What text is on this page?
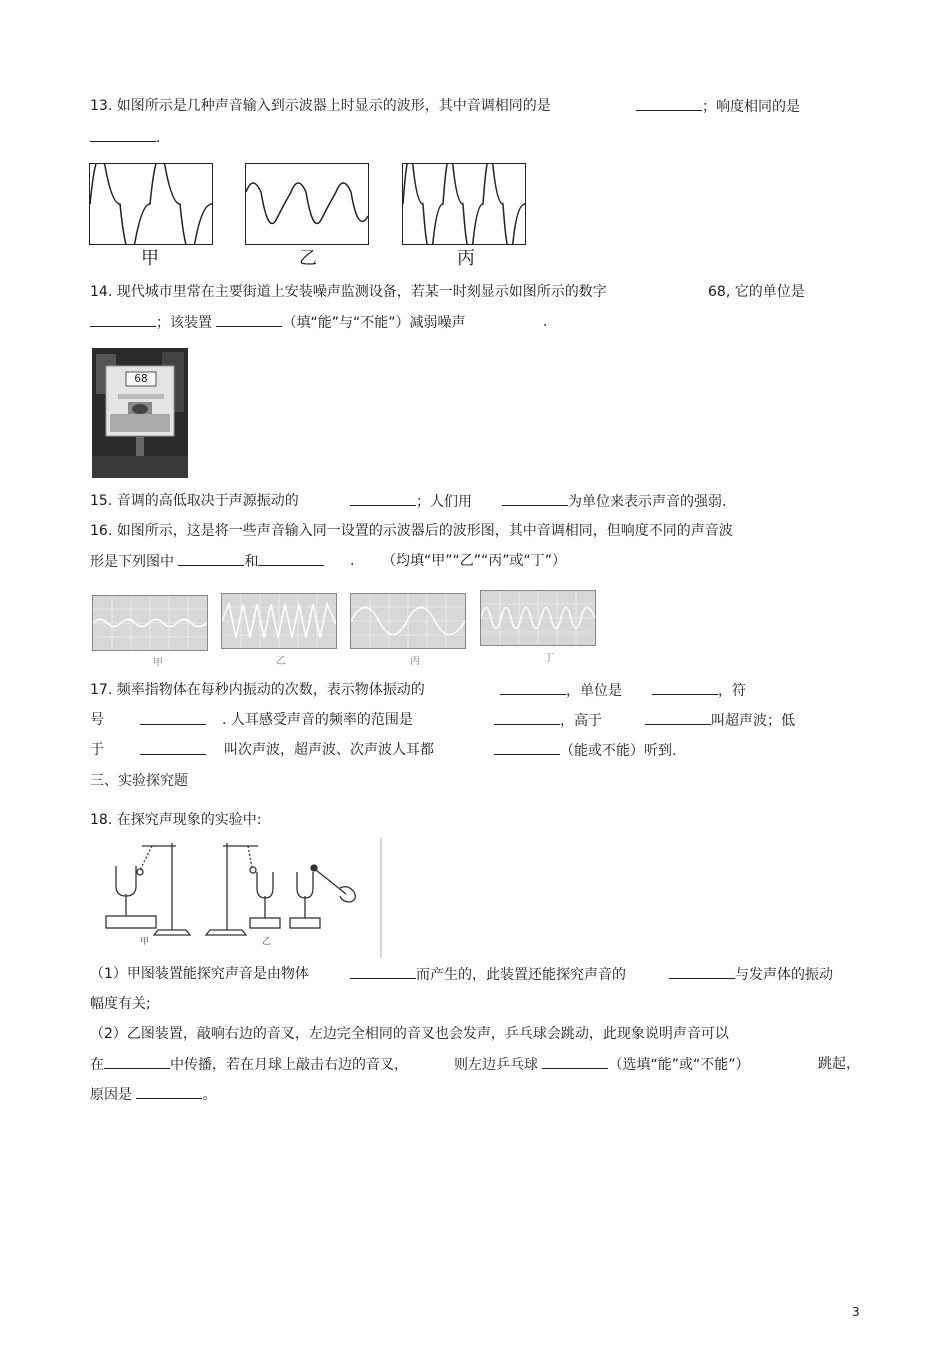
13. 如图所示是几种声音输入到示波器上时显示的波形，其中音调相同的是	；响度相同的是
.
甲	乙	丙
14. 现代城市里常在主要街道上安装噪声监测设备，若某一时刻显示如图所示的数字	68, 它的单位是
；该装置	（填“能”与“不能”）减弱噪声	.
68
15. 音调的高低取决于声源振动的	；人们用	为单位来表示声音的强弱.
16. 如图所示，这是将一些声音输入同一设置的示波器后的波形图，其中音调相同，但响度不同的声音波
形是下列图中	和	. （均填“甲”“乙”“丙”或“丁”）
甲	乙	丙	丁
17. 频率指物体在每秒内振动的次数，表示物体振动的	，单位是	，符
号	. 人耳感受声音的频率的范围是	，高于	叫超声波；低
于	叫次声波，超声波、次声波人耳都	（能或不能）听到.
三、实验探究题
18. 在探究声现象的实验中:
甲	乙
（1）甲图装置能探究声音是由物体	而产生的，此装置还能探究声音的	与发声体的振动
幅度有关;
（2）乙图装置，敲响右边的音叉，左边完全相同的音叉也会发声，乒乓球会跳动，此现象说明声音可以
在	中传播，若在月球上敲击右边的音叉，	则左边乒乓球	（选填“能”或“不能”）	跳起，
原因是	。
3
